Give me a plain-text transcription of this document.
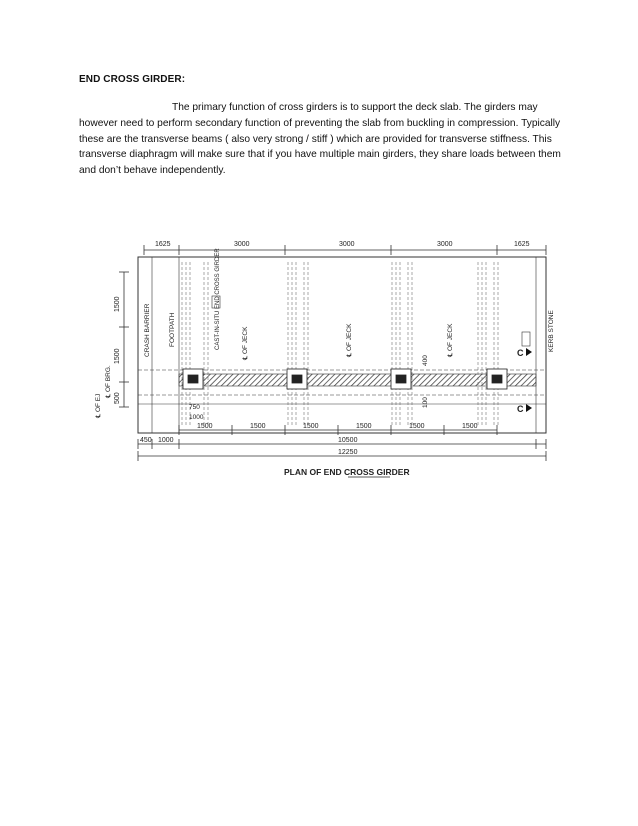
END CROSS GIRDER:

The primary function of cross girders is to support the deck slab. The girders may however need to perform secondary function of preventing the slab from buckling in compression. Typically these are the transverse beams ( also very strong / stiff ) which are provided for transverse stiffness. This transverse diaphragm will make sure that if you have multiple main girders, they share loads between them and don’t behave independently.

1625	3000	3000	3000	1625
CRASH BARRIER	FOOTPATH	CAST-IN-SITU END CROSS GIRDER	℄ OF JECK	℄ OF JECK	℄ OF JECK	KERB STONE
1500
1500
500
℄ OF EJ
℄ OF BRG.
C
C
750
1000
400
100
1500	1500	1500	1500	1500	1500
450 1000	10500
12250
PLAN OF END CROSS GIRDER
